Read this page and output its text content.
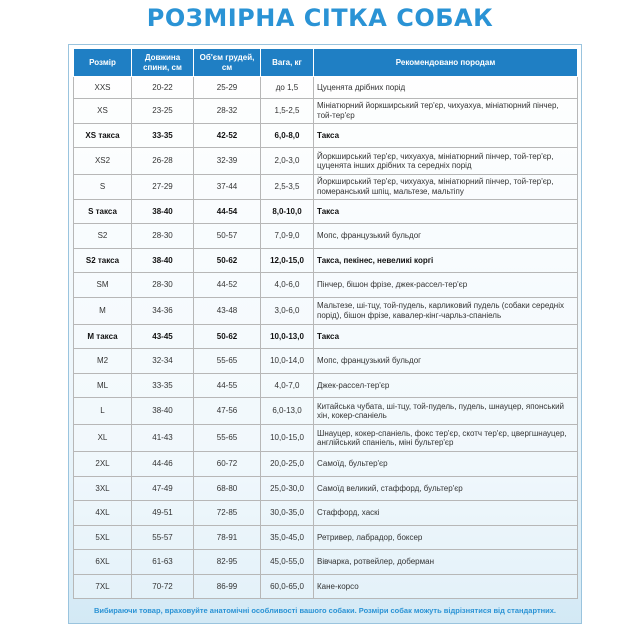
РОЗМІРНА СІТКА СОБАК
Розмір	Довжина спини, см	Об'єм грудей, см	Вага, кг	Рекомендовано породам
XXS	20-22	25-29	до 1,5	Цуценята дрібних порід
XS	23-25	28-32	1,5-2,5	Мініатюрний йоркширський тер'єр, чихуахуа, мініатюрний пінчер, той-тер'єр
XS такса	33-35	42-52	6,0-8,0	Такса
XS2	26-28	32-39	2,0-3,0	Йоркширський тер'єр, чихуахуа, мініатюрний пінчер, той-тер'єр, цуценята інших дрібних та середніх порід
S	27-29	37-44	2,5-3,5	Йоркширський тер'єр, чихуахуа, мініатюрний пінчер, той-тер'єр, померанський шпіц, мальтезе, мальтіпу
S такса	38-40	44-54	8,0-10,0	Такса
S2	28-30	50-57	7,0-9,0	Мопс, французький бульдог
S2 такса	38-40	50-62	12,0-15,0	Такса, пекінес, невеликі коргі
SM	28-30	44-52	4,0-6,0	Пінчер, бішон фрізе, джек-рассел-тер'єр
M	34-36	43-48	3,0-6,0	Мальтезе, ші-тцу, той-пудель, карликовий пудель (собаки середніх порід), бішон фрізе, кавалер-кінг-чарльз-спаніель
M такса	43-45	50-62	10,0-13,0	Такса
M2	32-34	55-65	10,0-14,0	Мопс, французький бульдог
ML	33-35	44-55	4,0-7,0	Джек-рассел-тер'єр
L	38-40	47-56	6,0-13,0	Китайська чубата, ші-тцу, той-пудель, пудель, шнауцер, японський хін, кокер-спаніель
XL	41-43	55-65	10,0-15,0	Шнауцер, кокер-спаніель, фокс тер'єр, скотч тер'єр, цвергшнауцер, англійський спаніель, міні бультер'єр
2XL	44-46	60-72	20,0-25,0	Самоїд, бультер'єр
3XL	47-49	68-80	25,0-30,0	Самоїд великий, стаффорд, бультер'єр
4XL	49-51	72-85	30,0-35,0	Стаффорд, хаскі
5XL	55-57	78-91	35,0-45,0	Ретривер, лабрадор, боксер
6XL	61-63	82-95	45,0-55,0	Вівчарка, ротвейлер, доберман
7XL	70-72	86-99	60,0-65,0	Кане-корсо
Вибираючи товар, враховуйте анатомічні особливості вашого собаки. Розміри собак можуть відрізнятися від стандартних.
